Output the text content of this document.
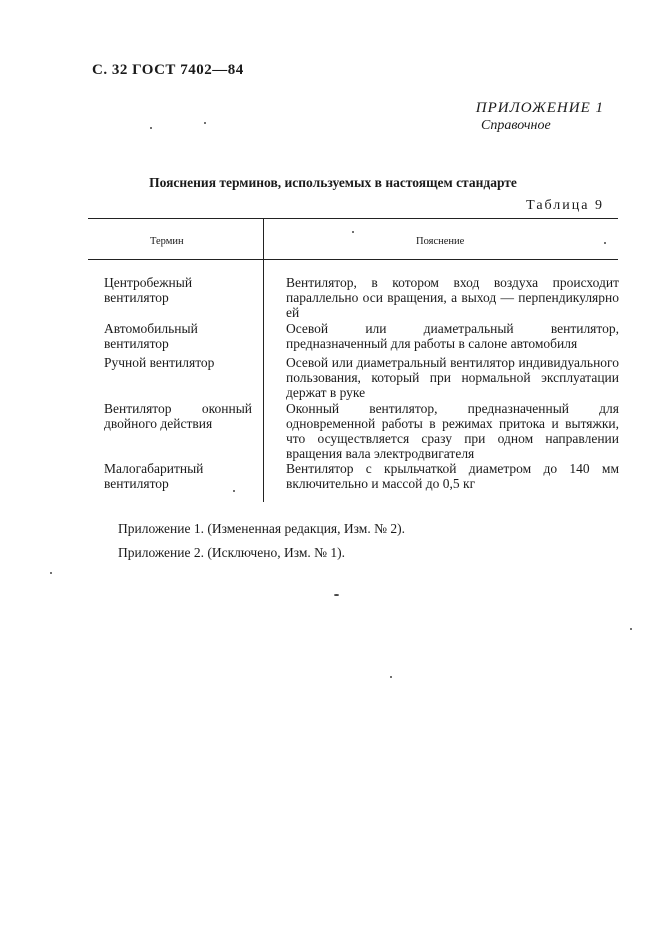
С. 32 ГОСТ 7402—84
ПРИЛОЖЕНИЕ 1
Справочное
Пояснения терминов, используемых в настоящем стандарте
Таблица 9
Термин	Пояснение
Центробежный вентилятор
Вентилятор, в котором вход воздуха происходит параллельно оси вращения, а выход — перпендикулярно ей
Автомобильный вентилятор
Осевой или диаметральный вентилятор, предназначенный для работы в салоне автомобиля
Ручной вентилятор	Осевой или диаметральный вентилятор индивидуального пользования, который при нормальной эксплуатации держат в руке
Вентилятор оконный двойного действия
Оконный вентилятор, предназначенный для одновременной работы в режимах притока и вытяжки, что осуществляется сразу при одном направлении вращения вала электродвигателя
Малогабаритный вентилятор
Вентилятор с крыльчаткой диаметром до 140 мм включительно и массой до 0,5 кг
Приложение 1. (Измененная редакция, Изм. № 2).
Приложение 2. (Исключено, Изм. № 1).
